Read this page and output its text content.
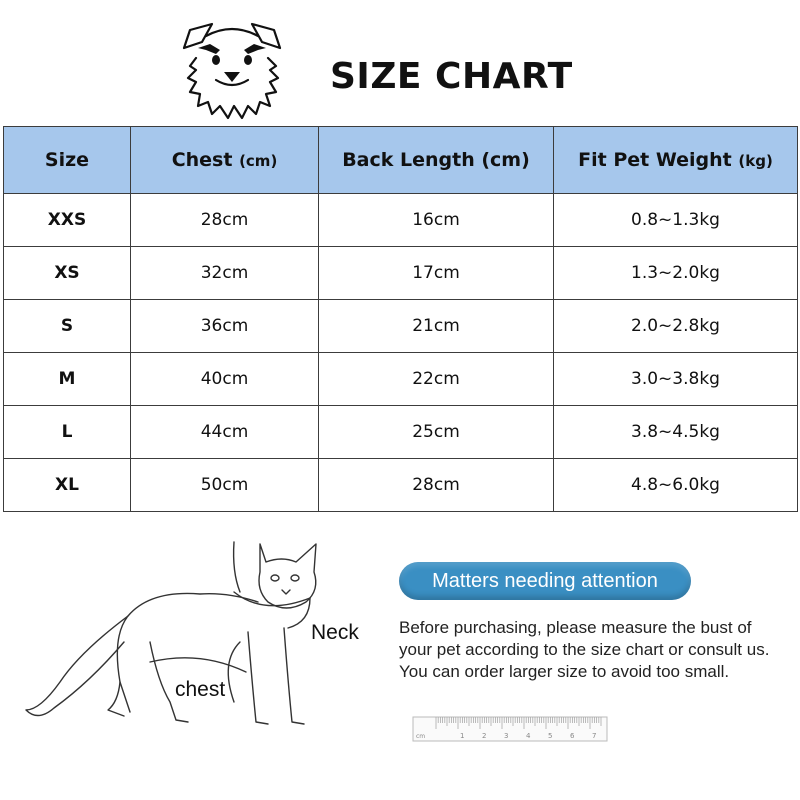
SIZE CHART
Size	Chest (cm)	Back Length (cm)	Fit Pet Weight (kg)
XXS	28cm	16cm	0.8~1.3kg
XS	32cm	17cm	1.3~2.0kg
S	36cm	21cm	2.0~2.8kg
M	40cm	22cm	3.0~3.8kg
L	44cm	25cm	3.8~4.5kg
XL	50cm	28cm	4.8~6.0kg
Neck
chest
Matters needing attention

Before purchasing, please measure the bust of your pet according to the size chart or consult us. You can order larger size to avoid too small.

cm	1	2	3	4	5	6	7
